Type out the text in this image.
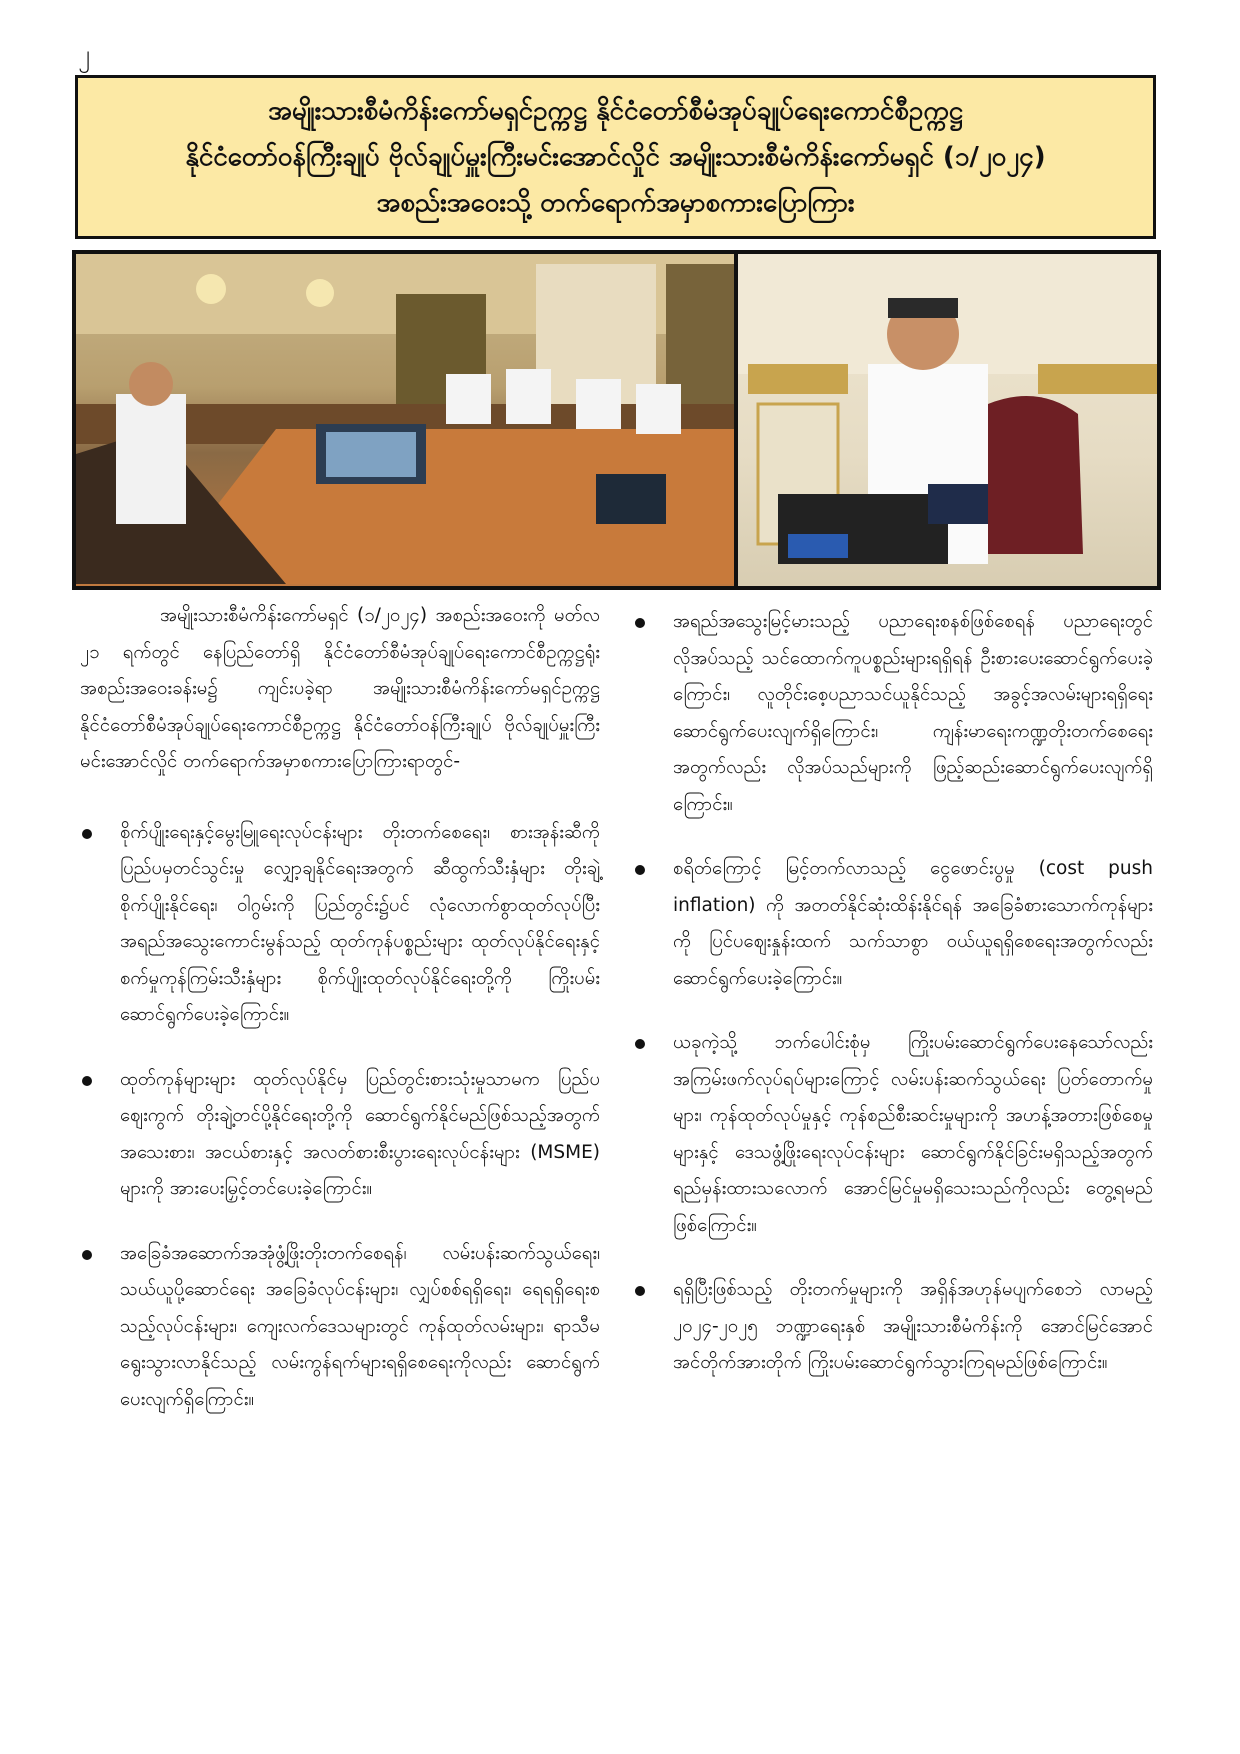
၂
အမျိုးသားစီမံကိန်းကော်မရှင်ဥက္ကဋ္ဌ နိုင်ငံတော်စီမံအုပ်ချုပ်ရေးကောင်စီဥက္ကဋ္ဌ
နိုင်ငံတော်ဝန်ကြီးချုပ် ဗိုလ်ချုပ်မှူးကြီးမင်းအောင်လှိုင် အမျိုးသားစီမံကိန်းကော်မရှင် (၁/၂၀၂၄)
အစည်းအဝေးသို့ တက်ရောက်အမှာစကားပြောကြား

အမျိုးသားစီမံကိန်းကော်မရှင် (၁/၂၀၂၄) အစည်းအဝေးကို မတ်လ ၂၁ ရက်တွင် နေပြည်တော်ရှိ နိုင်ငံတော်စီမံအုပ်ချုပ်ရေးကောင်စီဥက္ကဋ္ဌရုံး အစည်းအဝေးခန်းမ၌ ကျင်းပခဲ့ရာ အမျိုးသားစီမံကိန်းကော်မရှင်ဥက္ကဋ္ဌ နိုင်ငံတော်စီမံအုပ်ချုပ်ရေးကောင်စီဥက္ကဋ္ဌ နိုင်ငံတော်ဝန်ကြီးချုပ် ဗိုလ်ချုပ်မှူးကြီးမင်းအောင်လှိုင် တက်ရောက်အမှာစကားပြောကြားရာတွင်-

စိုက်ပျိုးရေးနှင့်မွေးမြူရေးလုပ်ငန်းများ တိုးတက်စေရေး၊ စားအုန်းဆီကို ပြည်ပမှတင်သွင်းမှု လျှော့ချနိုင်ရေးအတွက် ဆီထွက်သီးနှံများ တိုးချဲ့စိုက်ပျိုးနိုင်ရေး၊ ဝါဂွမ်းကို ပြည်တွင်း၌ပင် လုံလောက်စွာထုတ်လုပ်ပြီး အရည်အသွေးကောင်းမွန်သည့် ထုတ်ကုန်ပစ္စည်းများ ထုတ်လုပ်နိုင်ရေးနှင့် စက်မှုကုန်ကြမ်းသီးနှံများ စိုက်ပျိုးထုတ်လုပ်နိုင်ရေးတို့ကို ကြိုးပမ်းဆောင်ရွက်ပေးခဲ့ကြောင်း။
ထုတ်ကုန်များများ ထုတ်လုပ်နိုင်မှ ပြည်တွင်းစားသုံးမှုသာမက ပြည်ပဈေးကွက် တိုးချဲ့တင်ပို့နိုင်ရေးတို့ကို ဆောင်ရွက်နိုင်မည်ဖြစ်သည့်အတွက် အသေးစား၊ အငယ်စားနှင့် အလတ်စားစီးပွားရေးလုပ်ငန်းများ (MSME) များကို အားပေးမြှင့်တင်ပေးခဲ့ကြောင်း။
အခြေခံအဆောက်အအုံဖွံ့ဖြိုးတိုးတက်စေရန်၊ လမ်းပန်းဆက်သွယ်ရေး၊ သယ်ယူပို့ဆောင်ရေး အခြေခံလုပ်ငန်းများ၊ လျှပ်စစ်ရရှိရေး၊ ရေရရှိရေးစသည့်လုပ်ငန်းများ၊ ကျေးလက်ဒေသများတွင် ကုန်ထုတ်လမ်းများ၊ ရာသီမရွေးသွားလာနိုင်သည့် လမ်းကွန်ရက်များရရှိစေရေးကိုလည်း ဆောင်ရွက်ပေးလျက်ရှိကြောင်း။
အရည်အသွေးမြင့်မားသည့် ပညာရေးစနစ်ဖြစ်စေရန် ပညာရေးတွင် လိုအပ်သည့် သင်ထောက်ကူပစ္စည်းများရရှိရန် ဦးစားပေးဆောင်ရွက်ပေးခဲ့ကြောင်း၊ လူတိုင်းစေ့ပညာသင်ယူနိုင်သည့် အခွင့်အလမ်းများရရှိရေး ဆောင်ရွက်ပေးလျက်ရှိကြောင်း၊ ကျန်းမာရေးကဏ္ဍတိုးတက်စေရေးအတွက်လည်း လိုအပ်သည်များကို ဖြည့်ဆည်းဆောင်ရွက်ပေးလျက်ရှိကြောင်း။
စရိတ်ကြောင့် မြင့်တက်လာသည့် ငွေဖောင်းပွမှု (cost push inflation) ကို အတတ်နိုင်ဆုံးထိန်းနိုင်ရန် အခြေခံစားသောက်ကုန်များကို ပြင်ပဈေးနှုန်းထက် သက်သာစွာ ဝယ်ယူရရှိစေရေးအတွက်လည်း ဆောင်ရွက်ပေးခဲ့ကြောင်း။
ယခုကဲ့သို့ ဘက်ပေါင်းစုံမှ ကြိုးပမ်းဆောင်ရွက်ပေးနေသော်လည်း အကြမ်းဖက်လုပ်ရပ်များကြောင့် လမ်းပန်းဆက်သွယ်ရေး ပြတ်တောက်မှုများ၊ ကုန်ထုတ်လုပ်မှုနှင့် ကုန်စည်စီးဆင်းမှုများကို အဟန့်အတားဖြစ်စေမှုများနှင့် ဒေသဖွံ့ဖြိုးရေးလုပ်ငန်းများ ဆောင်ရွက်နိုင်ခြင်းမရှိသည့်အတွက် ရည်မှန်းထားသလောက် အောင်မြင်မှုမရှိသေးသည်ကိုလည်း တွေ့ရမည်ဖြစ်ကြောင်း။
ရရှိပြီးဖြစ်သည့် တိုးတက်မှုများကို အရှိန်အဟုန်မပျက်စေဘဲ လာမည့် ၂၀၂၄-၂၀၂၅ ဘဏ္ဍာရေးနှစ် အမျိုးသားစီမံကိန်းကို အောင်မြင်အောင် အင်တိုက်အားတိုက် ကြိုးပမ်းဆောင်ရွက်သွားကြရမည်ဖြစ်ကြောင်း။
